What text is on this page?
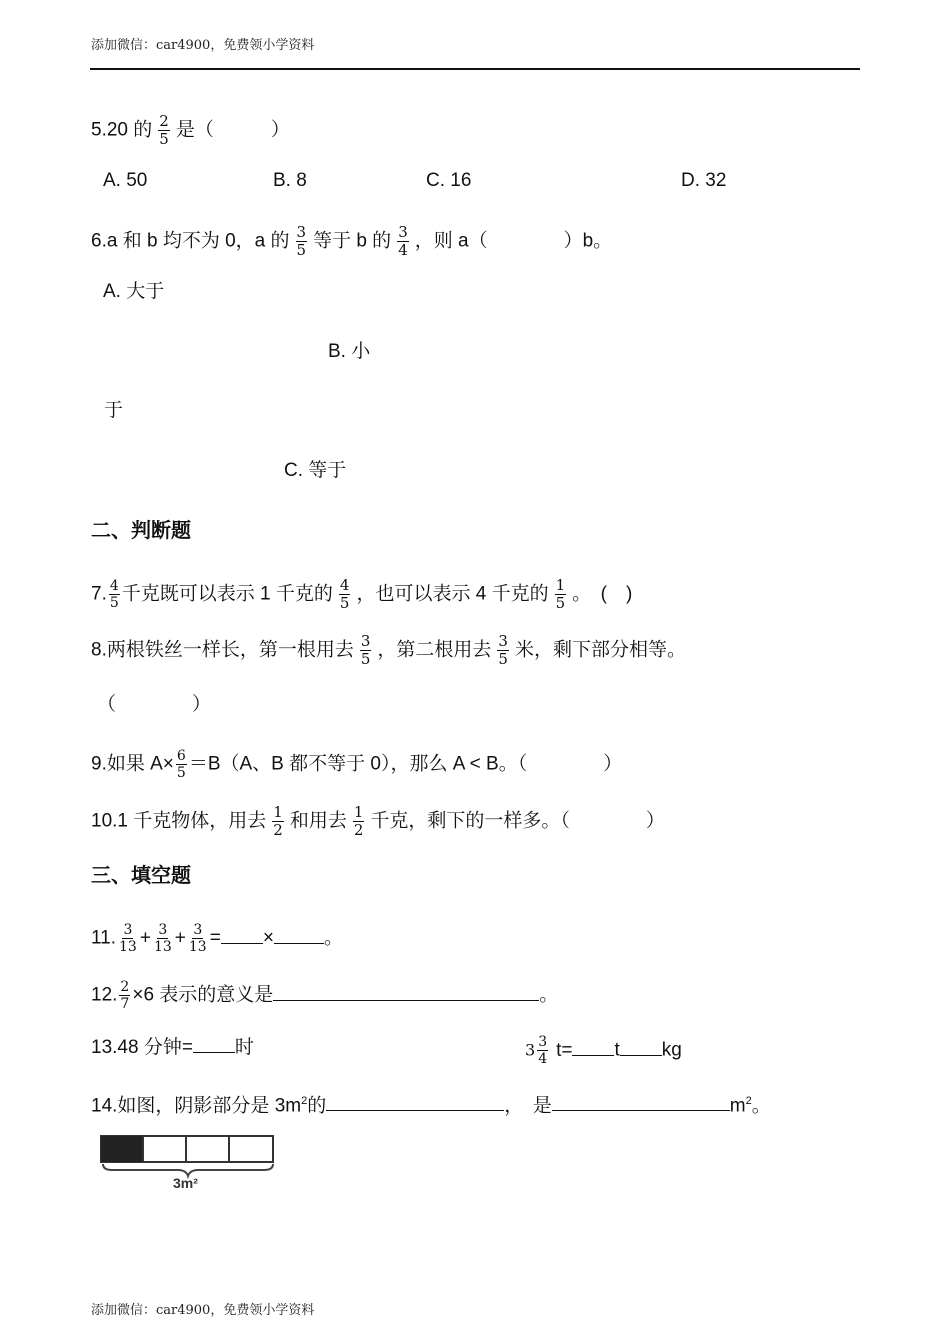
添加微信：car4900，免费领小学资料
5.20 的 $\frac{2}{5}$ 是（　　　）
A. 50	B. 8	C. 16	D. 32
6.a 和 b 均不为 0，a 的 $\frac{3}{5}$ 等于 b 的 $\frac{3}{4}$ ，则 a（　　　　）b。
A. 大于
B. 小
于
C. 等于
二、判断题
7. $\frac{4}{5}$ 千克既可以表示 1 千克的 $\frac{4}{5}$ ，也可以表示 4 千克的 $\frac{1}{5}$ 。　(　)
8.两根铁丝一样长，第一根用去 $\frac{3}{5}$ ，第二根用去 $\frac{3}{5}$ 米，剩下部分相等。
（　　　　）
9.如果 $A\times \frac{6}{5} =B(A$、B 都不等于 0），那么 A < B。（　　　　）
10.1 千克物体，用去 $\frac{1}{2}$ 和用去 $\frac{1}{2}$ 千克，剩下的一样多。（　　　　）
三、填空题
11. $\frac{3}{13} + \frac{3}{13} + \frac{3}{13}$ = ×	。
12. $\frac{2}{7} \times 6$ 表示的意义是	。
13.48 分钟= 时	$3 \frac{3}{4} t= t$ kg
14.如图，阴影部分是 $3m^2$的	，　是	$m^2$。
3m²
添加微信：car4900，免费领小学资料
